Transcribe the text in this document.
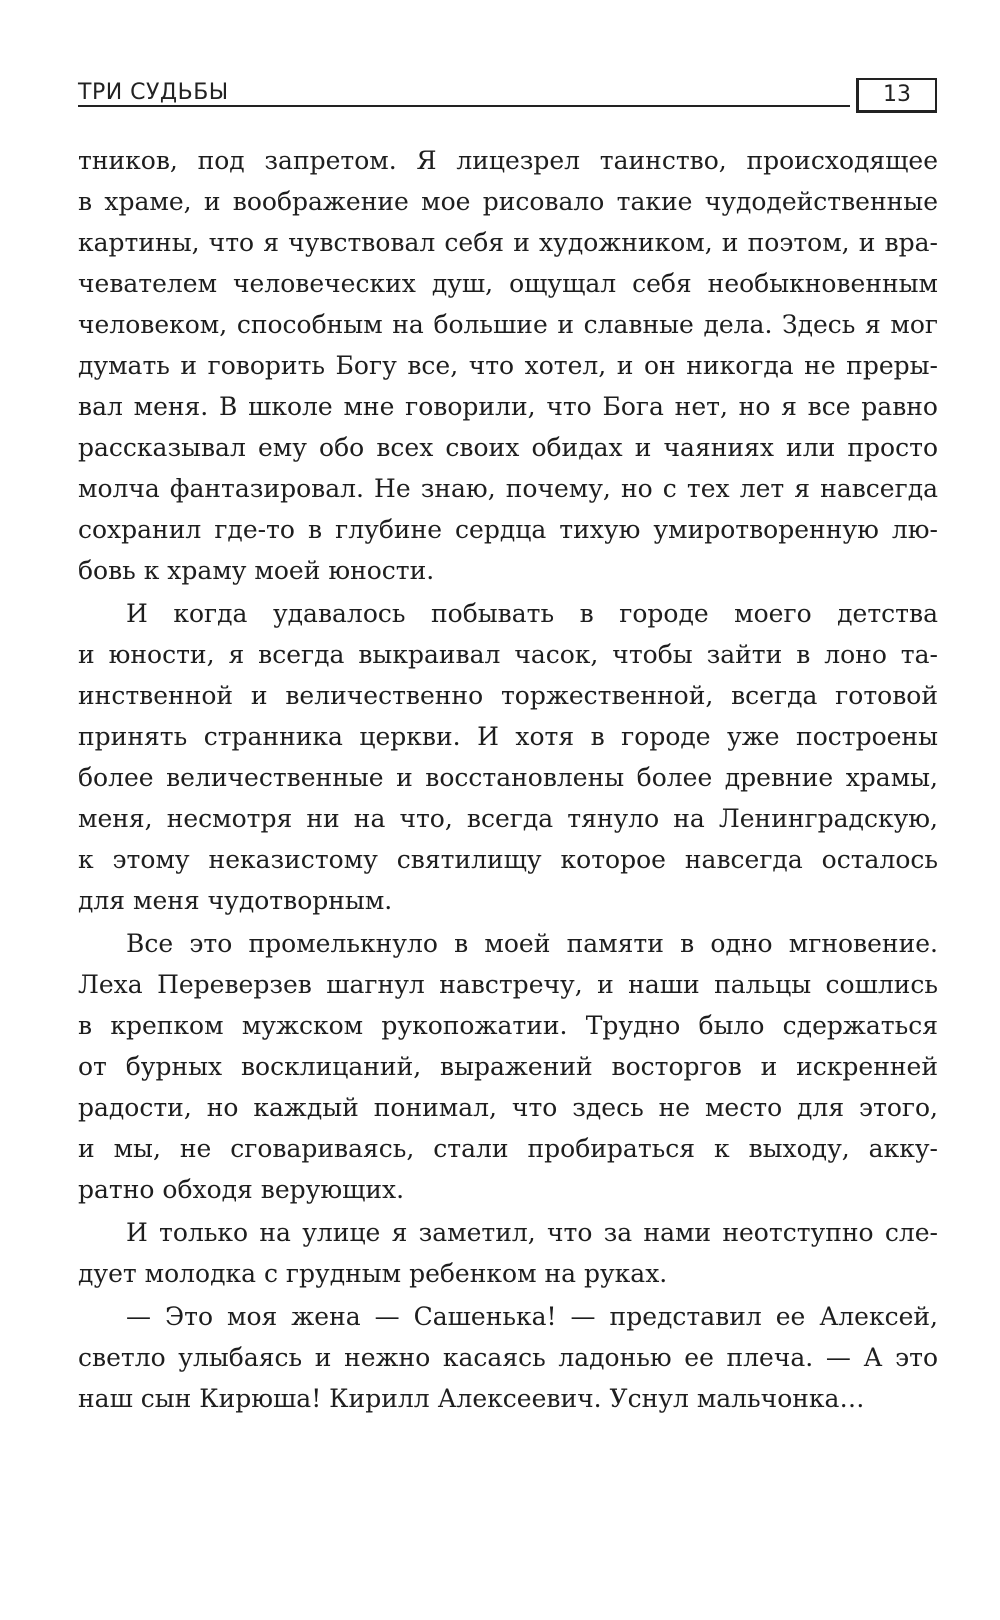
ТРИ СУДЬБЫ	13
тников, под запретом. Я лицезрел таинство, происходящее
в храме, и воображение мое рисовало такие чудодейственные
картины, что я чувствовал себя и художником, и поэтом, и вра-
чевателем человеческих душ, ощущал себя необыкновенным
человеком, способным на большие и славные дела. Здесь я мог
думать и говорить Богу все, что хотел, и он никогда не преры-
вал меня. В школе мне говорили, что Бога нет, но я все равно
рассказывал ему обо всех своих обидах и чаяниях или просто
молча фантазировал. Не знаю, почему, но с тех лет я навсегда
сохранил где-то в глубине сердца тихую умиротворенную лю-
бовь к храму моей юности.
И когда удавалось побывать в городе моего детства
и юности, я всегда выкраивал часок, чтобы зайти в лоно та-
инственной и величественно торжественной, всегда готовой
принять странника церкви. И хотя в городе уже построены
более величественные и восстановлены более древние храмы,
меня, несмотря ни на что, всегда тянуло на Ленинградскую,
к этому неказистому святилищу которое навсегда осталось
для меня чудотворным.
Все это промелькнуло в моей памяти в одно мгновение.
Леха Переверзев шагнул навстречу, и наши пальцы сошлись
в крепком мужском рукопожатии. Трудно было сдержаться
от бурных восклицаний, выражений восторгов и искренней
радости, но каждый понимал, что здесь не место для этого,
и мы, не сговариваясь, стали пробираться к выходу, акку-
ратно обходя верующих.
И только на улице я заметил, что за нами неотступно сле-
дует молодка с грудным ребенком на руках.
— Это моя жена — Сашенька! — представил ее Алексей,
светло улыбаясь и нежно касаясь ладонью ее плеча. — А это
наш сын Кирюша! Кирилл Алексеевич. Уснул мальчонка…
